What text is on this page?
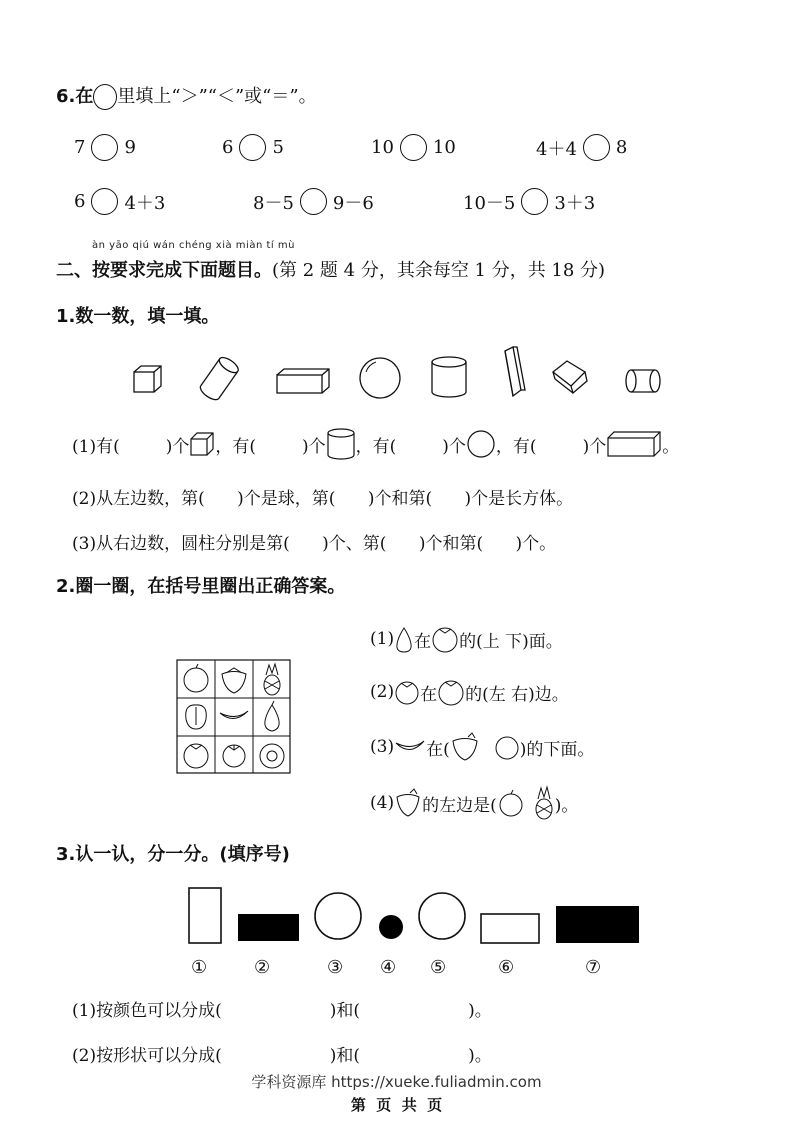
6.在 里填上“＞”“＜”或“＝”。
7 9	6 5	10 10	4＋4 8
6 4＋3	8－5 9－6	10－5 3＋3
àn yāo qiú wán chéng xià miàn tí mù
二、按要求完成下面题目。(第 2 题 4 分，其余每空 1 分，共 18 分)
1.数一数，填一填。
(1)有(	)个 ，有(	)个 ，有(	)个 ，有(	)个	。
(2)从左边数，第(      )个是球，第(      )个和第(      )个是长方体。
(3)从右边数，圆柱分别是第(      )个、第(      )个和第(      )个。
2.圈一圈，在括号里圈出正确答案。
(1) 在 的(上 下)面。
(2) 在 的(左 右)边。
(3) 在(	)的下面。
(4) 的左边是(	)。
3.认一认，分一分。(填序号)
①	②	③ ④ ⑤	⑥	⑦
(1)按颜色可以分成(                    )和(                    )。
(2)按形状可以分成(                    )和(                    )。
学科资源库 https://xueke.fuliadmin.com
第  页  共  页
